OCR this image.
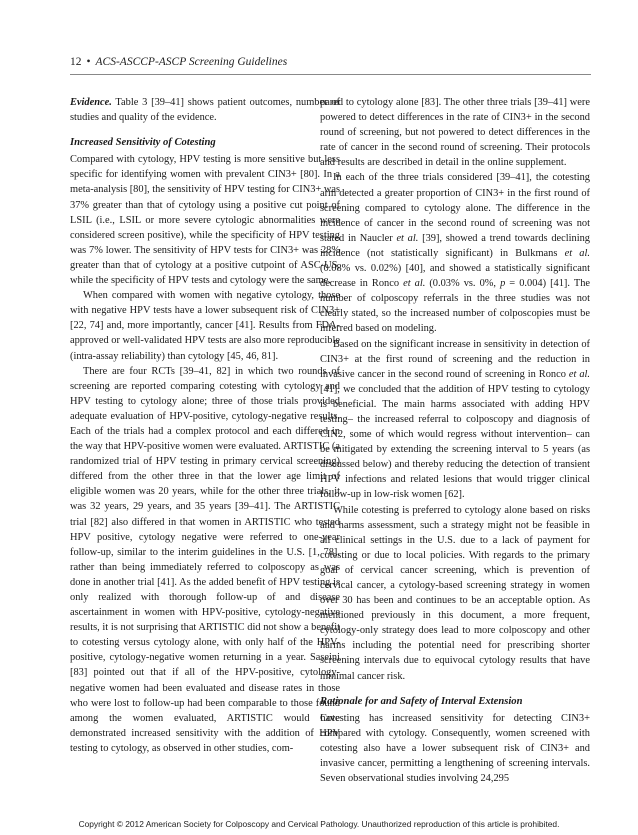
12 • ACS-ASCCP-ASCP Screening Guidelines

Evidence. Table 3 [39–41] shows patient outcomes, number of studies and quality of the evidence.

Increased Sensitivity of Cotesting

Compared with cytology, HPV testing is more sensitive but less specific for identifying women with prevalent CIN3+ [80]. In a meta-analysis [80], the sensitivity of HPV testing for CIN3+ was 37% greater than that of cytology using a positive cut point of LSIL (i.e., LSIL or more severe cytologic abnormalities were considered screen positive), while the specificity of HPV testing was 7% lower. The sensitivity of HPV tests for CIN3+ was 28% greater than that of cytology at a positive cutpoint of ASC-US, while the specificity of HPV tests and cytology were the same.

When compared with women with negative cytology, those with negative HPV tests have a lower subsequent risk of CIN3+ [22, 74] and, more importantly, cancer [41]. Results from FDA-approved or well-validated HPV tests are also more reproducible (intra-assay reliability) than cytology [45, 46, 81].

There are four RCTs [39–41, 82] in which two rounds of screening are reported comparing cotesting with cytology and HPV testing to cytology alone; three of those trials provided adequate evaluation of HPV-positive, cytology-negative results. Each of the trials had a complex protocol and each differed in the way that HPV-positive women were evaluated. ARTISTIC (a randomized trial of HPV testing in primary cervical screening) differed from the other three in that the lower age limit of eligible women was 20 years, while for the other three trials, it was 32 years, 29 years, and 35 years [39–41]. The ARTISTIC trial [82] also differed in that women in ARTISTIC who tested HPV positive, cytology negative were referred to one-year follow-up, similar to the interim guidelines in the U.S. [1, 78], rather than being immediately referred to colposcopy as was done in another trial [41]. As the added benefit of HPV testing is only realized with thorough follow-up of and disease ascertainment in women with HPV-positive, cytology-negative results, it is not surprising that ARTISTIC did not show a benefit to cotesting versus cytology alone, with only half of the HPV-positive, cytology-negative women returning in a year. Saseini [83] pointed out that if all of the HPV-positive, cytology-negative women had been evaluated and disease rates in those who were lost to follow-up had been comparable to those found among the women evaluated, ARTISTIC would have demonstrated increased sensitivity with the addition of HPV testing to cytology, as observed in other studies, com-

pared to cytology alone [83]. The other three trials [39–41] were powered to detect differences in the rate of CIN3+ in the second round of screening, but not powered to detect differences in the rate of cancer in the second round of screening. Their protocols and results are described in detail in the online supplement.

In each of the three trials considered [39–41], the cotesting arm detected a greater proportion of CIN3+ in the first round of screening compared to cytology alone. The difference in the incidence of cancer in the second round of screening was not stated in Naucler et al. [39], showed a trend towards declining incidence (not statistically significant) in Bulkmans et al. (0.08% vs. 0.02%) [40], and showed a statistically significant decrease in Ronco et al. (0.03% vs. 0%, p = 0.004) [41]. The number of colposcopy referrals in the three studies was not clearly stated, so the increased number of colposcopies must be inferred based on modeling.

Based on the significant increase in sensitivity in detection of CIN3+ at the first round of screening and the reduction in invasive cancer in the second round of screening in Ronco et al. [41], we concluded that the addition of HPV testing to cytology is beneficial. The main harms associated with adding HPV testing– the increased referral to colposcopy and diagnosis of CIN2, some of which would regress without intervention– can be mitigated by extending the screening interval to 5 years (as discussed below) and thereby reducing the detection of transient HPV infections and related lesions that would trigger clinical follow-up in low-risk women [62].

While cotesting is preferred to cytology alone based on risks and harms assessment, such a strategy might not be feasible in all clinical settings in the U.S. due to a lack of payment for cotesting or due to local policies. With regards to the primary goal of cervical cancer screening, which is prevention of cervical cancer, a cytology-based screening strategy in women over 30 has been and continues to be an acceptable option. As mentioned previously in this document, a more frequent, cytology-only strategy does lead to more colposcopy and other harms including the potential need for prescribing shorter screening intervals due to equivocal cytology results that have minimal cancer risk.

Rationale for and Safety of Interval Extension

Cotesting has increased sensitivity for detecting CIN3+ compared with cytology. Consequently, women screened with cotesting also have a lower subsequent risk of CIN3+ and invasive cancer, permitting a lengthening of screening intervals. Seven observational studies involving 24,295

Copyright © 2012 American Society for Colposcopy and Cervical Pathology. Unauthorized reproduction of this article is prohibited.
